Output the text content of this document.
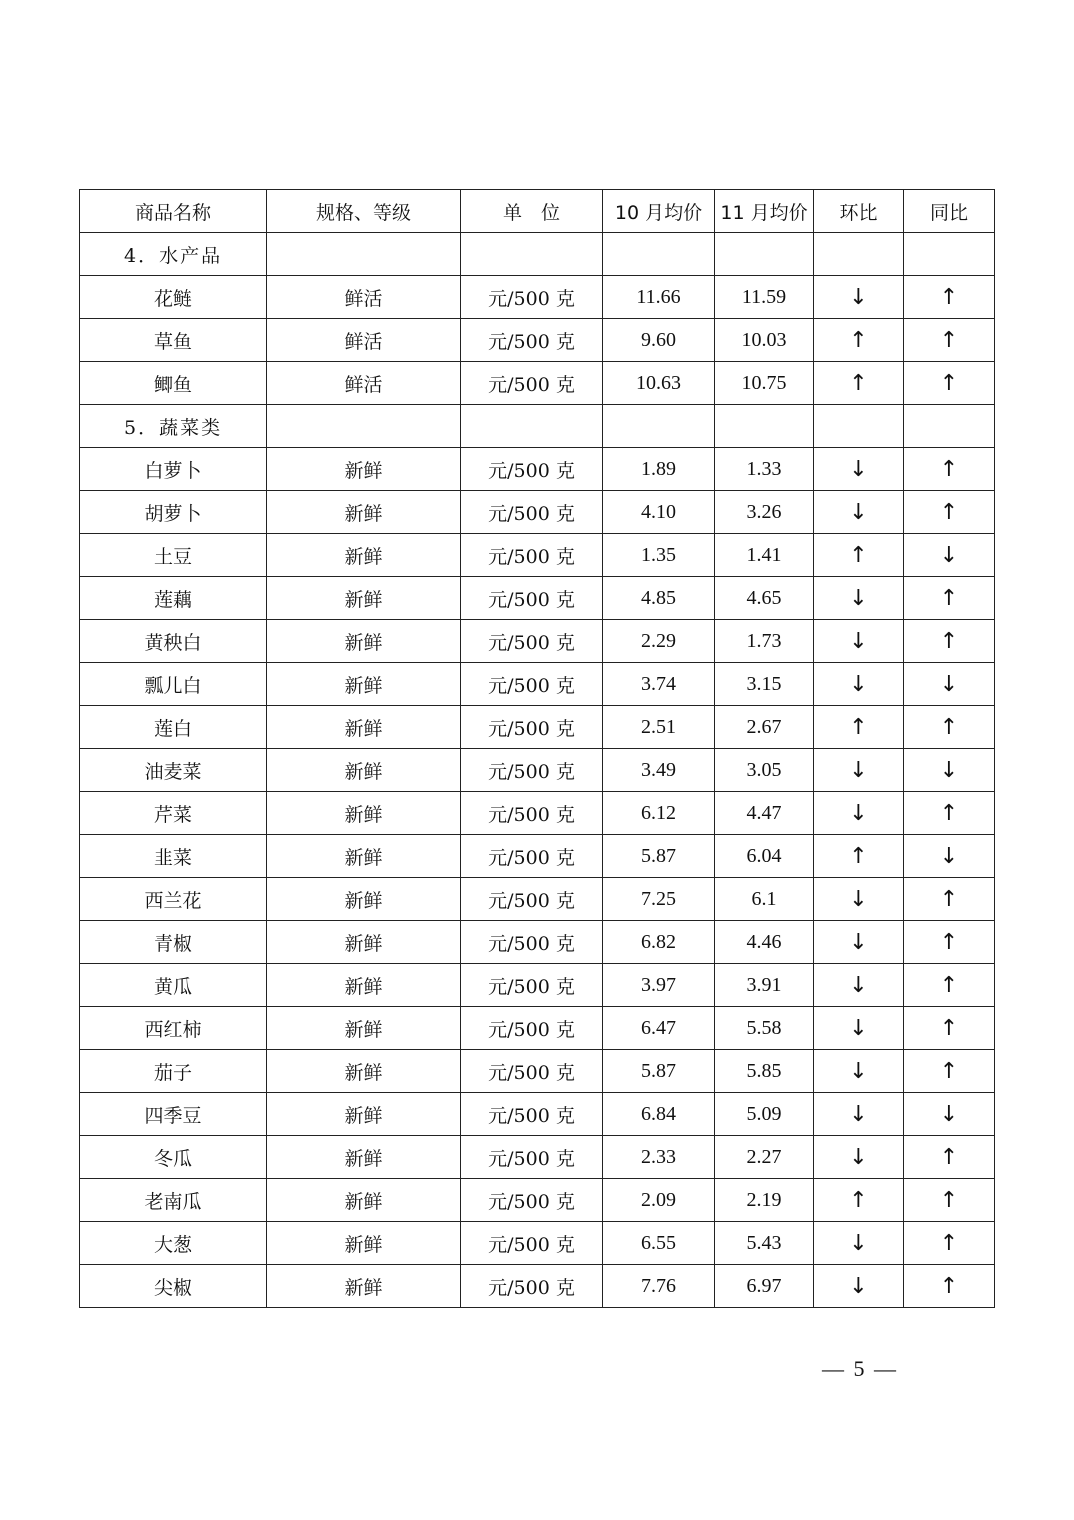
商品名称	规格、等级	单　位	10 月均价	11 月均价	环比	同比
4．水产品						
花鲢	鲜活	元/500 克	11.66	11.59	↓	↑
草鱼	鲜活	元/500 克	9.60	10.03	↑	↑
鲫鱼	鲜活	元/500 克	10.63	10.75	↑	↑
5．蔬菜类						
白萝卜	新鲜	元/500 克	1.89	1.33	↓	↑
胡萝卜	新鲜	元/500 克	4.10	3.26	↓	↑
土豆	新鲜	元/500 克	1.35	1.41	↑	↓
莲藕	新鲜	元/500 克	4.85	4.65	↓	↑
黄秧白	新鲜	元/500 克	2.29	1.73	↓	↑
瓢儿白	新鲜	元/500 克	3.74	3.15	↓	↓
莲白	新鲜	元/500 克	2.51	2.67	↑	↑
油麦菜	新鲜	元/500 克	3.49	3.05	↓	↓
芹菜	新鲜	元/500 克	6.12	4.47	↓	↑
韭菜	新鲜	元/500 克	5.87	6.04	↑	↓
西兰花	新鲜	元/500 克	7.25	6.1	↓	↑
青椒	新鲜	元/500 克	6.82	4.46	↓	↑
黄瓜	新鲜	元/500 克	3.97	3.91	↓	↑
西红柿	新鲜	元/500 克	6.47	5.58	↓	↑
茄子	新鲜	元/500 克	5.87	5.85	↓	↑
四季豆	新鲜	元/500 克	6.84	5.09	↓	↓
冬瓜	新鲜	元/500 克	2.33	2.27	↓	↑
老南瓜	新鲜	元/500 克	2.09	2.19	↑	↑
大葱	新鲜	元/500 克	6.55	5.43	↓	↑
尖椒	新鲜	元/500 克	7.76	6.97	↓	↑
— 5 —
